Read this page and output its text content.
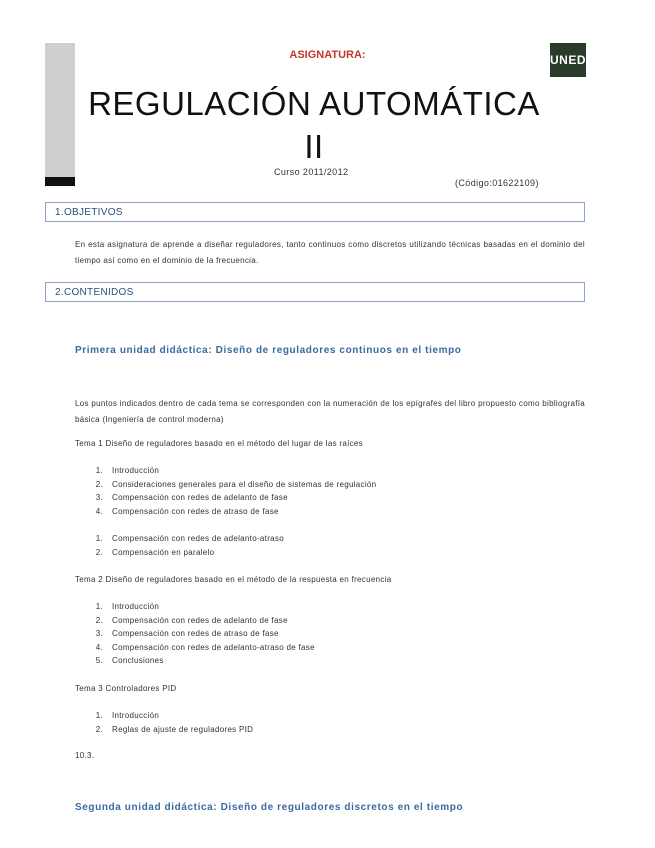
ASIGNATURA:	UNED
REGULACIÓN AUTOMÁTICA
II
Curso 2011/2012
(Código:01622109)
1.OBJETIVOS
En esta asignatura de aprende a diseñar reguladores, tanto continuos como discretos utilizando técnicas basadas en el dominio del tiempo así como en el dominio de la frecuencia.
2.CONTENIDOS
Primera unidad didáctica: Diseño de reguladores continuos en el tiempo
Los puntos indicados dentro de cada tema se corresponden con la numeración de los epígrafes del libro propuesto como bibliografía básica (Ingeniería de control moderna)
Tema 1 Diseño de reguladores basado en el método del lugar de las raíces
1. Introducción
2. Consideraciones generales para el diseño de sistemas de regulación
3. Compensación con redes de adelanto de fase
4. Compensación con redes de atraso de fase
1. Compensación con redes de adelanto-atraso
2. Compensación en paralelo
Tema 2 Diseño de reguladores basado en el método de la respuesta en frecuencia
1. Introducción
2. Compensación con redes de adelanto de fase
3. Compensación con redes de atraso de fase
4. Compensación con redes de adelanto-atraso de fase
5. Conclusiones
Tema 3 Controladores PID
1. Introducción
2. Reglas de ajuste de reguladores PID
10.3.
Segunda unidad didáctica: Diseño de reguladores discretos en el tiempo
